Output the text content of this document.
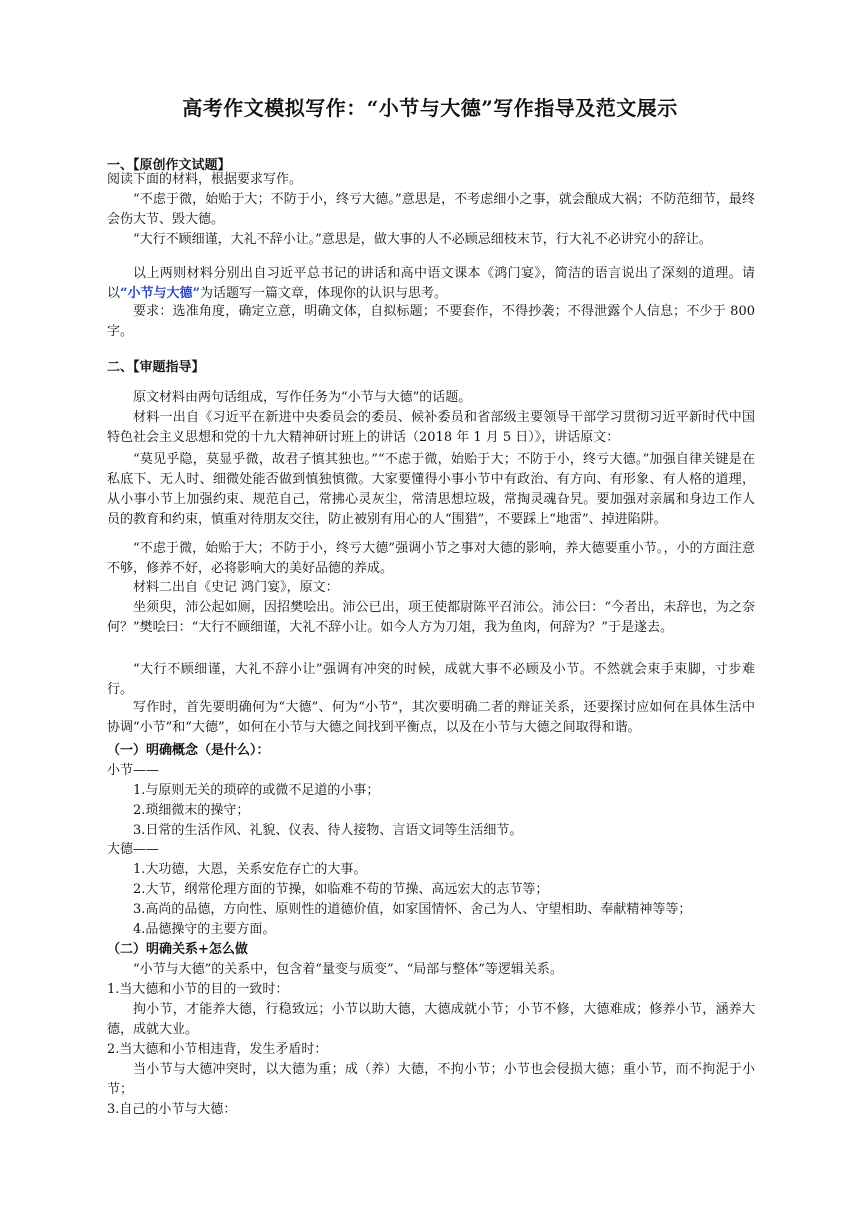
高考作文模拟写作：“小节与大德”写作指导及范文展示
一、【原创作文试题】

阅读下面的材料，根据要求写作。

“不虑于微，始贻于大；不防于小，终亏大德。”意思是，不考虑细小之事，就会酿成大祸；不防范细节，最终会伤大节、毁大德。

“大行不顾细谨，大礼不辞小让。”意思是，做大事的人不必顾忌细枝末节，行大礼不必讲究小的辞让。

以上两则材料分别出自习近平总书记的讲话和高中语文课本《鸿门宴》，简洁的语言说出了深刻的道理。请以“小节与大德”为话题写一篇文章，体现你的认识与思考。

要求：选准角度，确定立意，明确文体，自拟标题；不要套作，不得抄袭；不得泄露个人信息；不少于 800 字。

二、【审题指导】

原文材料由两句话组成，写作任务为“小节与大德”的话题。

材料一出自《习近平在新进中央委员会的委员、候补委员和省部级主要领导干部学习贯彻习近平新时代中国特色社会主义思想和党的十九大精神研讨班上的讲话（2018 年 1 月 5 日）》，讲话原文：

“莫见乎隐，莫显乎微，故君子慎其独也。”“不虑于微，始贻于大；不防于小，终亏大德。”加强自律关键是在私底下、无人时、细微处能否做到慎独慎微。大家要懂得小事小节中有政治、有方向、有形象、有人格的道理，从小事小节上加强约束、规范自己，常拂心灵灰尘，常清思想垃圾，常掏灵魂旮旯。要加强对亲属和身边工作人员的教育和约束，慎重对待朋友交往，防止被别有用心的人“围猎”，不要踩上“地雷”、掉进陷阱。

“不虑于微，始贻于大；不防于小，终亏大德”强调小节之事对大德的影响，养大德要重小节。，小的方面注意不够，修养不好，必将影响大的美好品德的养成。

材料二出自《史记 鸿门宴》，原文：

坐须臾，沛公起如厕，因招樊哙出。沛公已出，项王使都尉陈平召沛公。沛公曰：“今者出，未辞也，为之奈何？”樊哙曰：“大行不顾细谨，大礼不辞小让。如今人方为刀俎，我为鱼肉，何辞为？”于是遂去。

“大行不顾细谨，大礼不辞小让”强调有冲突的时候，成就大事不必顾及小节。不然就会束手束脚，寸步难行。

写作时，首先要明确何为“大德”、何为“小节”，其次要明确二者的辩证关系，还要探讨应如何在具体生活中协调“小节”和“大德”，如何在小节与大德之间找到平衡点，以及在小节与大德之间取得和谐。

（一）明确概念（是什么）：
小节——
1.与原则无关的琐碎的或微不足道的小事；
2.琐细微末的操守；
3.日常的生活作风、礼貌、仪表、待人接物、言语文词等生活细节。
大德——
1.大功德，大恩，关系安危存亡的大事。
2.大节，纲常伦理方面的节操，如临难不苟的节操、高远宏大的志节等；
3.高尚的品德，方向性、原则性的道德价值，如家国情怀、舍己为人、守望相助、奉献精神等等；
4.品德操守的主要方面。
（二）明确关系+怎么做

“小节与大德”的关系中，包含着“量变与质变”、“局部与整体”等逻辑关系。

1.当大德和小节的目的一致时：

拘小节，才能养大德，行稳致远；小节以助大德，大德成就小节；小节不修，大德难成；修养小节，涵养大德，成就大业。

2.当大德和小节相违背，发生矛盾时：

当小节与大德冲突时，以大德为重；成（养）大德，不拘小节；小节也会侵损大德；重小节，而不拘泥于小节；

3.自己的小节与大德：
